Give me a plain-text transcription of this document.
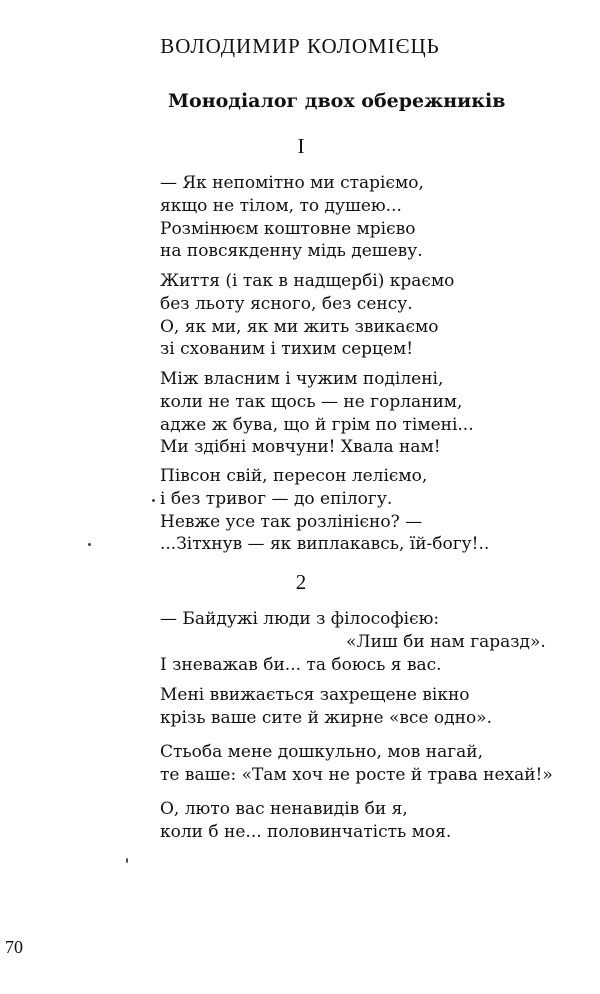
ВОЛОДИМИР КОЛОМІЄЦЬ
Монодіалог двох обережників
I
— Як непомітно ми старіємо,
якщо не тілом, то душею...
Розмінюєм коштовне мрієво
на повсякденну мідь дешеву.
Життя (і так в надщербі) краємо
без льоту ясного, без сенсу.
О, як ми, як ми жить звикаємо
зі схованим і тихим серцем!
Між власним і чужим поділені,
коли не так щось — не горланим,
адже ж бува, що й грім по тімені...
Ми здібні мовчуни! Хвала нам!
Півсон свій, пересон леліємо,
і без тривог — до епілогу.
Невже усе так розлінієно? —
...Зітхнув — як виплакавсь, їй-богу!..
2
— Байдужі люди з філософією:
«Лиш би нам гаразд».
І зневажав би... та боюсь я вас.
Мені ввижається захрещене вікно
крізь ваше сите й жирне «все одно».
Стьоба мене дошкульно, мов нагай,
те ваше: «Там хоч не росте й трава нехай!»
О, люто вас ненавидів би я,
коли б не... половинчатість моя.
70
